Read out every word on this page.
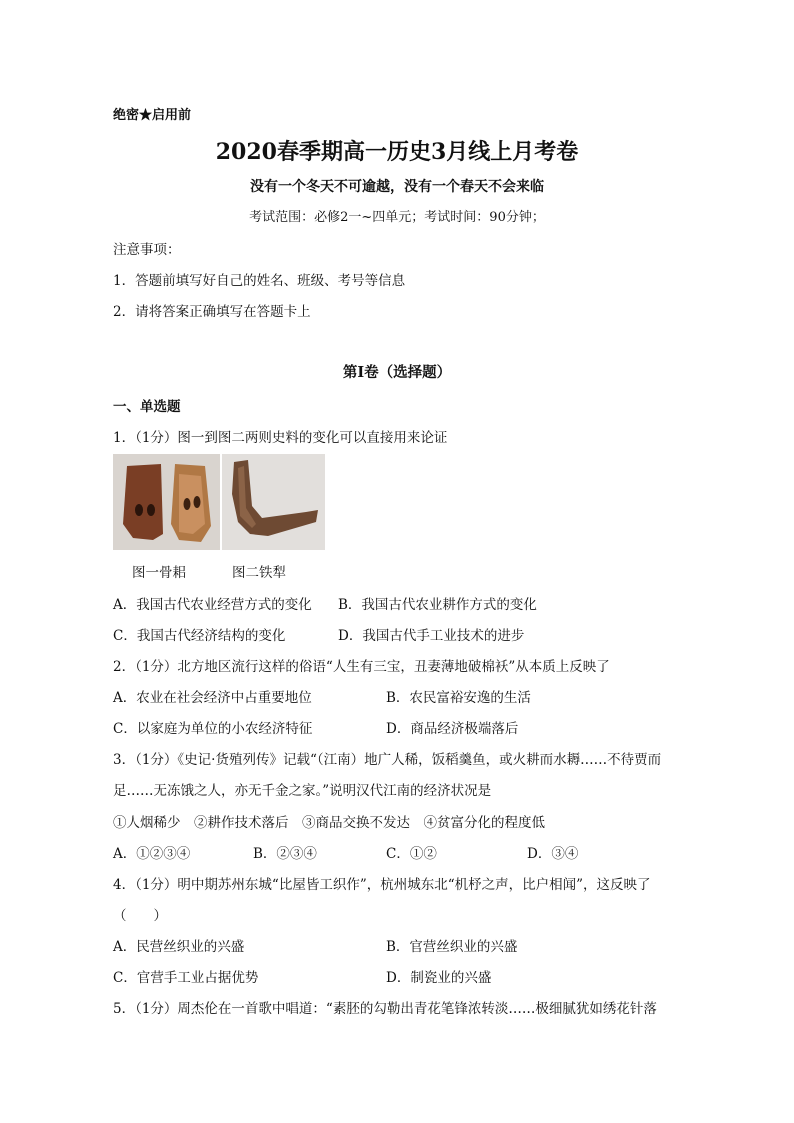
绝密★启用前
2020春季期高一历史3月线上月考卷
没有一个冬天不可逾越，没有一个春天不会来临
考试范围：必修2一~四单元；考试时间：90分钟；
注意事项：
1．答题前填写好自己的姓名、班级、考号等信息
2．请将答案正确填写在答题卡上
第I卷（选择题）
一、单选题
1．（1分）图一到图二两则史料的变化可以直接用来论证
图一骨耜	图二铁犁
A．我国古代农业经营方式的变化 B．我国古代农业耕作方式的变化
C．我国古代经济结构的变化	D．我国古代手工业技术的进步
2．（1分）北方地区流行这样的俗语“人生有三宝，丑妻薄地破棉袄”从本质上反映了
A．农业在社会经济中占重要地位	B．农民富裕安逸的生活
C．以家庭为单位的小农经济特征	D．商品经济极端落后
3．（1分）《史记·货殖列传》记载“（江南）地广人稀，饭稻羹鱼，或火耕而水耨……不待贾而
足……无冻饿之人，亦无千金之家。”说明汉代江南的经济状况是
①人烟稀少　②耕作技术落后　③商品交换不发达　④贫富分化的程度低
A．①②③④	B．②③④	C．①②	D．③④
4．（1分）明中期苏州东城“比屋皆工织作”，杭州城东北“机杼之声，比户相闻”，这反映了
（　　）
A．民营丝织业的兴盛	B．官营丝织业的兴盛
C．官营手工业占据优势	D．制瓷业的兴盛
5．（1分）周杰伦在一首歌中唱道：“素胚的勾勒出青花笔锋浓转淡……极细腻犹如绣花针落
